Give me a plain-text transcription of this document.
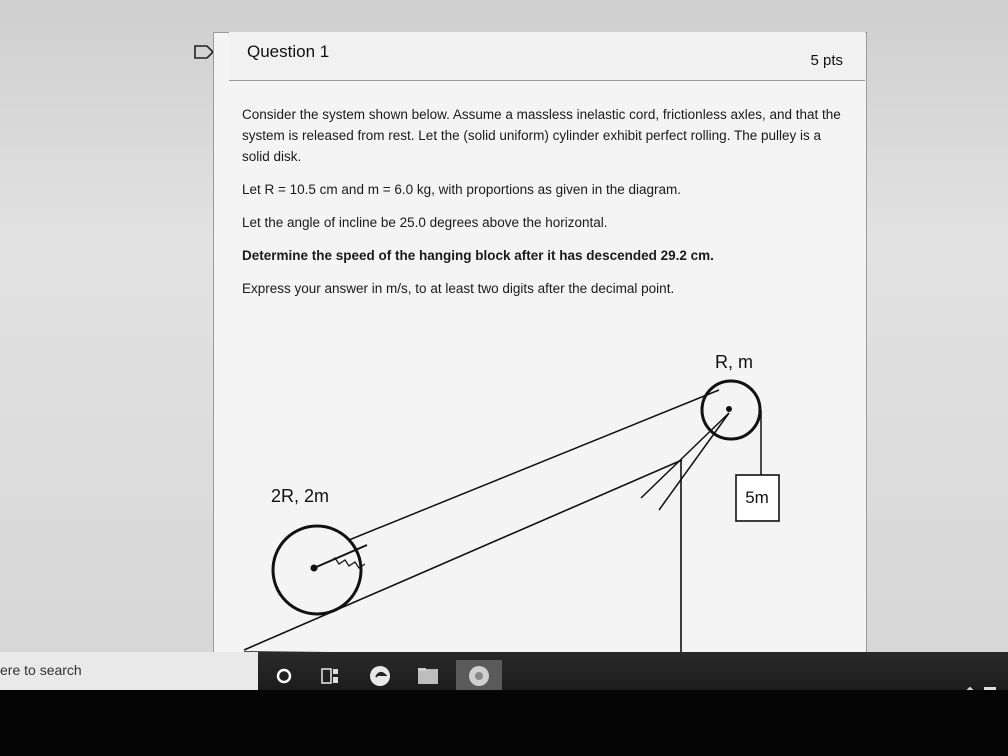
Question 1	5 pts

Consider the system shown below. Assume a massless inelastic cord, frictionless axles, and that the system is released from rest. Let the (solid uniform) cylinder exhibit perfect rolling. The pulley is a solid disk.

Let R = 10.5 cm and m = 6.0 kg, with proportions as given in the diagram.

Let the angle of incline be 25.0 degrees above the horizontal.

Determine the speed of the hanging block after it has descended 29.2 cm.

Express your answer in m/s, to at least two digits after the decimal point.

5m
2R, 2m
R, m
ere to search
